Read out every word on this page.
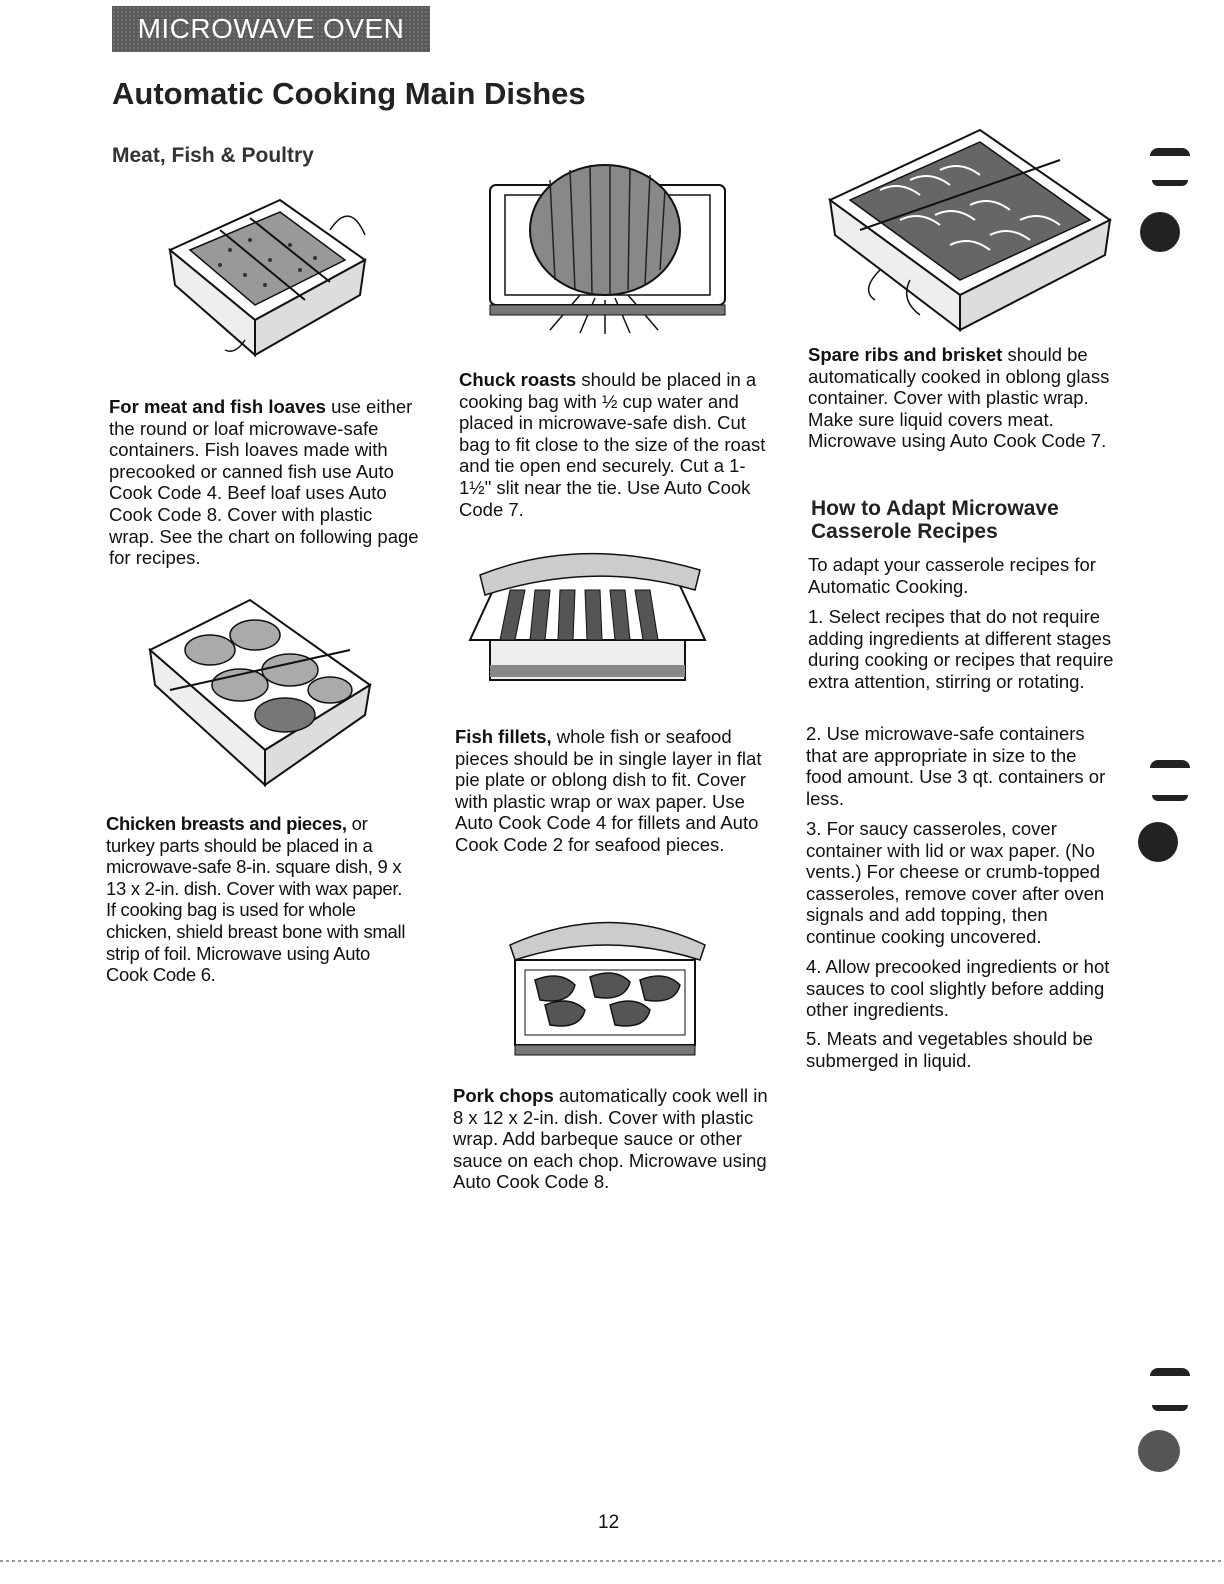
MICROWAVE OVEN
Automatic Cooking Main Dishes
Meat, Fish & Poultry

For meat and fish loaves use either the round or loaf microwave-safe containers. Fish loaves made with precooked or canned fish use Auto Cook Code 4. Beef loaf uses Auto Cook Code 8. Cover with plastic wrap. See the chart on following page for recipes.

Chicken breasts and pieces, or turkey parts should be placed in a microwave-safe 8-in. square dish, 9 x 13 x 2-in. dish. Cover with wax paper. If cooking bag is used for whole chicken, shield breast bone with small strip of foil. Microwave using Auto Cook Code 6.

Chuck roasts should be placed in a cooking bag with ½ cup water and placed in microwave-safe dish. Cut bag to fit close to the size of the roast and tie open end securely. Cut a 1-1½" slit near the tie. Use Auto Cook Code 7.

Fish fillets, whole fish or seafood pieces should be in single layer in flat pie plate or oblong dish to fit. Cover with plastic wrap or wax paper. Use Auto Cook Code 4 for fillets and Auto Cook Code 2 for seafood pieces.

Pork chops automatically cook well in 8 x 12 x 2-in. dish. Cover with plastic wrap. Add barbeque sauce or other sauce on each chop. Microwave using Auto Cook Code 8.

Spare ribs and brisket should be automatically cooked in oblong glass container. Cover with plastic wrap. Make sure liquid covers meat. Microwave using Auto Cook Code 7.

How to Adapt Microwave Casserole Recipes

To adapt your casserole recipes for Automatic Cooking.

1. Select recipes that do not require adding ingredients at different stages during cooking or recipes that require extra attention, stirring or rotating.

2. Use microwave-safe containers that are appropriate in size to the food amount. Use 3 qt. containers or less.

3. For saucy casseroles, cover container with lid or wax paper. (No vents.) For cheese or crumb-topped casseroles, remove cover after oven signals and add topping, then continue cooking uncovered.

4. Allow precooked ingredients or hot sauces to cool slightly before adding other ingredients.

5. Meats and vegetables should be submerged in liquid.

12
